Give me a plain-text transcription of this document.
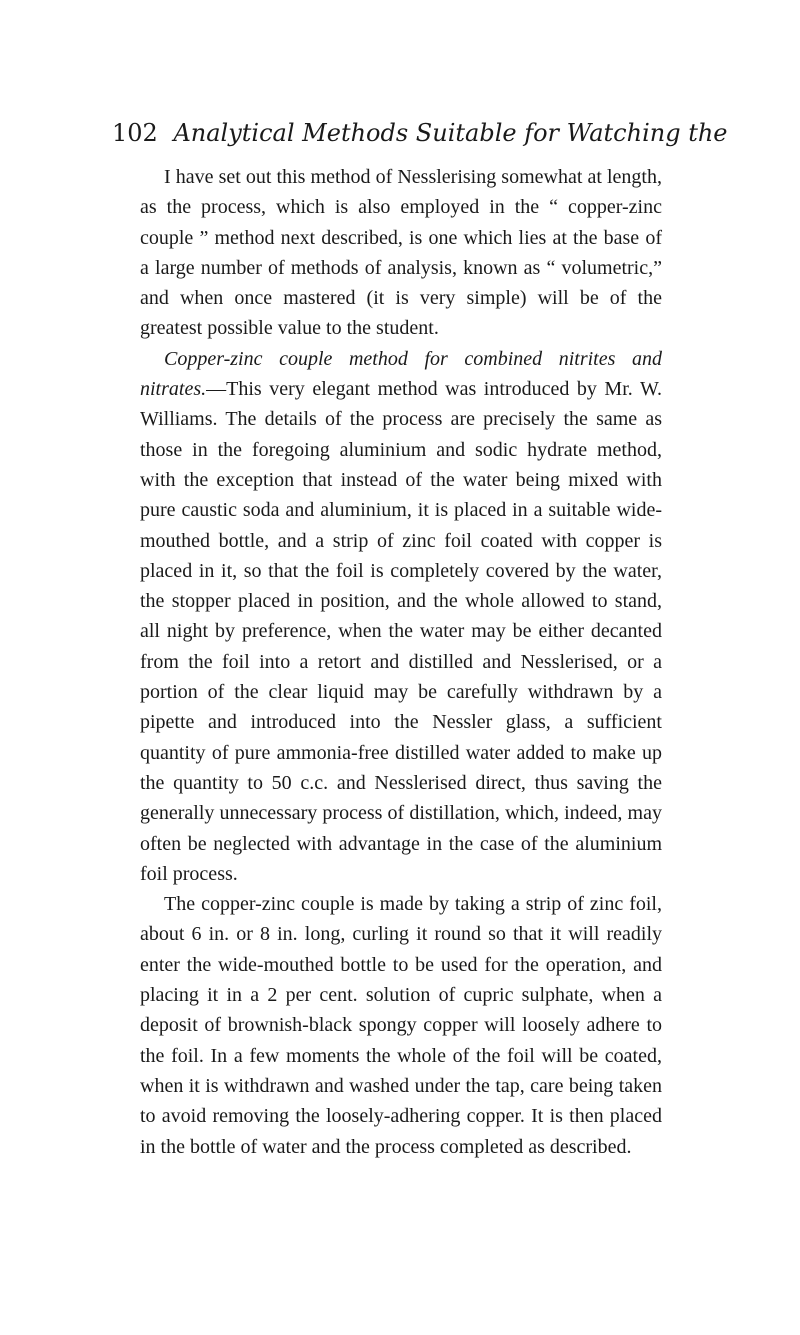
102 Analytical Methods Suitable for Watching the

I have set out this method of Nesslerising somewhat at length, as the process, which is also employed in the “ copper-zinc couple ” method next described, is one which lies at the base of a large number of methods of analysis, known as “ volumetric,” and when once mastered (it is very simple) will be of the greatest possible value to the student.

Copper-zinc couple method for combined nitrites and nitrates.—This very elegant method was introduced by Mr. W. Williams. The details of the process are precisely the same as those in the foregoing aluminium and sodic hydrate method, with the exception that instead of the water being mixed with pure caustic soda and aluminium, it is placed in a suitable wide-mouthed bottle, and a strip of zinc foil coated with copper is placed in it, so that the foil is completely covered by the water, the stopper placed in position, and the whole allowed to stand, all night by preference, when the water may be either decanted from the foil into a retort and distilled and Nesslerised, or a portion of the clear liquid may be carefully withdrawn by a pipette and introduced into the Nessler glass, a sufficient quantity of pure ammonia-free distilled water added to make up the quantity to 50 c.c. and Nesslerised direct, thus saving the generally unnecessary process of distillation, which, indeed, may often be neglected with advantage in the case of the aluminium foil process.

The copper-zinc couple is made by taking a strip of zinc foil, about 6 in. or 8 in. long, curling it round so that it will readily enter the wide-mouthed bottle to be used for the operation, and placing it in a 2 per cent. solution of cupric sulphate, when a deposit of brownish-black spongy copper will loosely adhere to the foil. In a few moments the whole of the foil will be coated, when it is withdrawn and washed under the tap, care being taken to avoid removing the loosely-adhering copper. It is then placed in the bottle of water and the process completed as described.
